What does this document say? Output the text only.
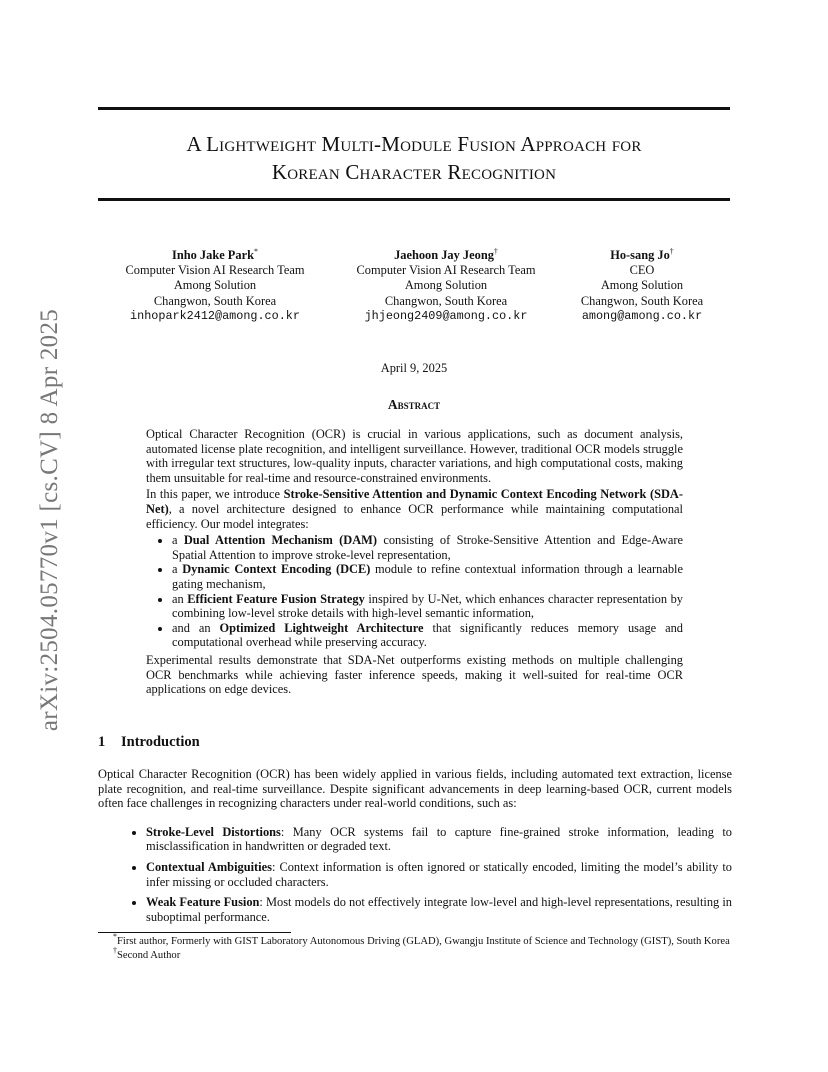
arXiv:2504.05770v1 [cs.CV] 8 Apr 2025
A Lightweight Multi-Module Fusion Approach for
Korean Character Recognition
Inho Jake Park*
Computer Vision AI Research Team
Among Solution
Changwon, South Korea
inhopark2412@among.co.kr
Jaehoon Jay Jeong†
Computer Vision AI Research Team
Among Solution
Changwon, South Korea
jhjeong2409@among.co.kr
Ho-sang Jo†
CEO
Among Solution
Changwon, South Korea
among@among.co.kr
April 9, 2025
Abstract

Optical Character Recognition (OCR) is crucial in various applications, such as document analysis, automated license plate recognition, and intelligent surveillance. However, traditional OCR models struggle with irregular text structures, low-quality inputs, character variations, and high computational costs, making them unsuitable for real-time and resource-constrained environments.

In this paper, we introduce Stroke-Sensitive Attention and Dynamic Context Encoding Network (SDA-Net), a novel architecture designed to enhance OCR performance while maintaining computational efficiency. Our model integrates:

• a Dual Attention Mechanism (DAM) consisting of Stroke-Sensitive Attention and Edge-Aware Spatial Attention to improve stroke-level representation,
• a Dynamic Context Encoding (DCE) module to refine contextual information through a learnable gating mechanism,
• an Efficient Feature Fusion Strategy inspired by U-Net, which enhances character representation by combining low-level stroke details with high-level semantic information,
• and an Optimized Lightweight Architecture that significantly reduces memory usage and computational overhead while preserving accuracy.

Experimental results demonstrate that SDA-Net outperforms existing methods on multiple challenging OCR benchmarks while achieving faster inference speeds, making it well-suited for real-time OCR applications on edge devices.

1 Introduction

Optical Character Recognition (OCR) has been widely applied in various fields, including automated text extraction, license plate recognition, and real-time surveillance. Despite significant advancements in deep learning-based OCR, current models often face challenges in recognizing characters under real-world conditions, such as:

• Stroke-Level Distortions: Many OCR systems fail to capture fine-grained stroke information, leading to misclassification in handwritten or degraded text.
• Contextual Ambiguities: Context information is often ignored or statically encoded, limiting the model’s ability to infer missing or occluded characters.
• Weak Feature Fusion: Most models do not effectively integrate low-level and high-level representations, resulting in suboptimal performance.

*First author, Formerly with GIST Laboratory Autonomous Driving (GLAD), Gwangju Institute of Science and Technology (GIST), South Korea

†Second Author
